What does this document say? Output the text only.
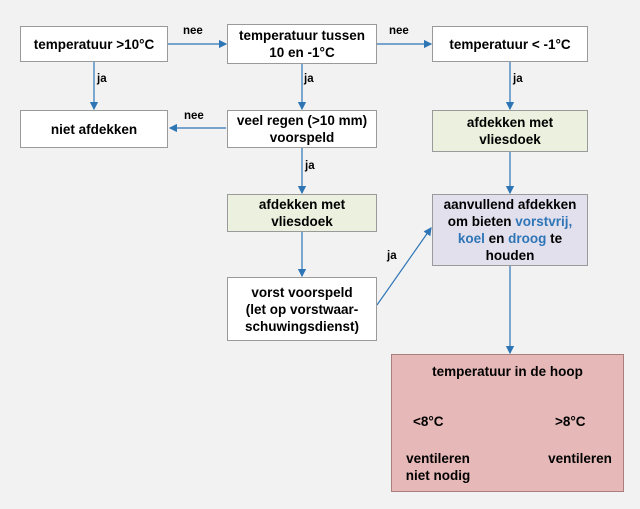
temperatuur >10°C
temperatuur tussen
10 en -1°C
temperatuur < -1°C
niet afdekken
veel regen (>10 mm)
voorspeld
afdekken met
vliesdoek
afdekken met
vliesdoek
aanvullend afdekken
om bieten vorstvrij,
koel en droog te
houden
vorst voorspeld
(let op vorstwaar-
schuwingsdienst)
temperatuur in de hoop
<8°C	>8°C
ventileren
niet nodig
ventileren
nee	nee
nee
ja	ja	ja
ja
ja
